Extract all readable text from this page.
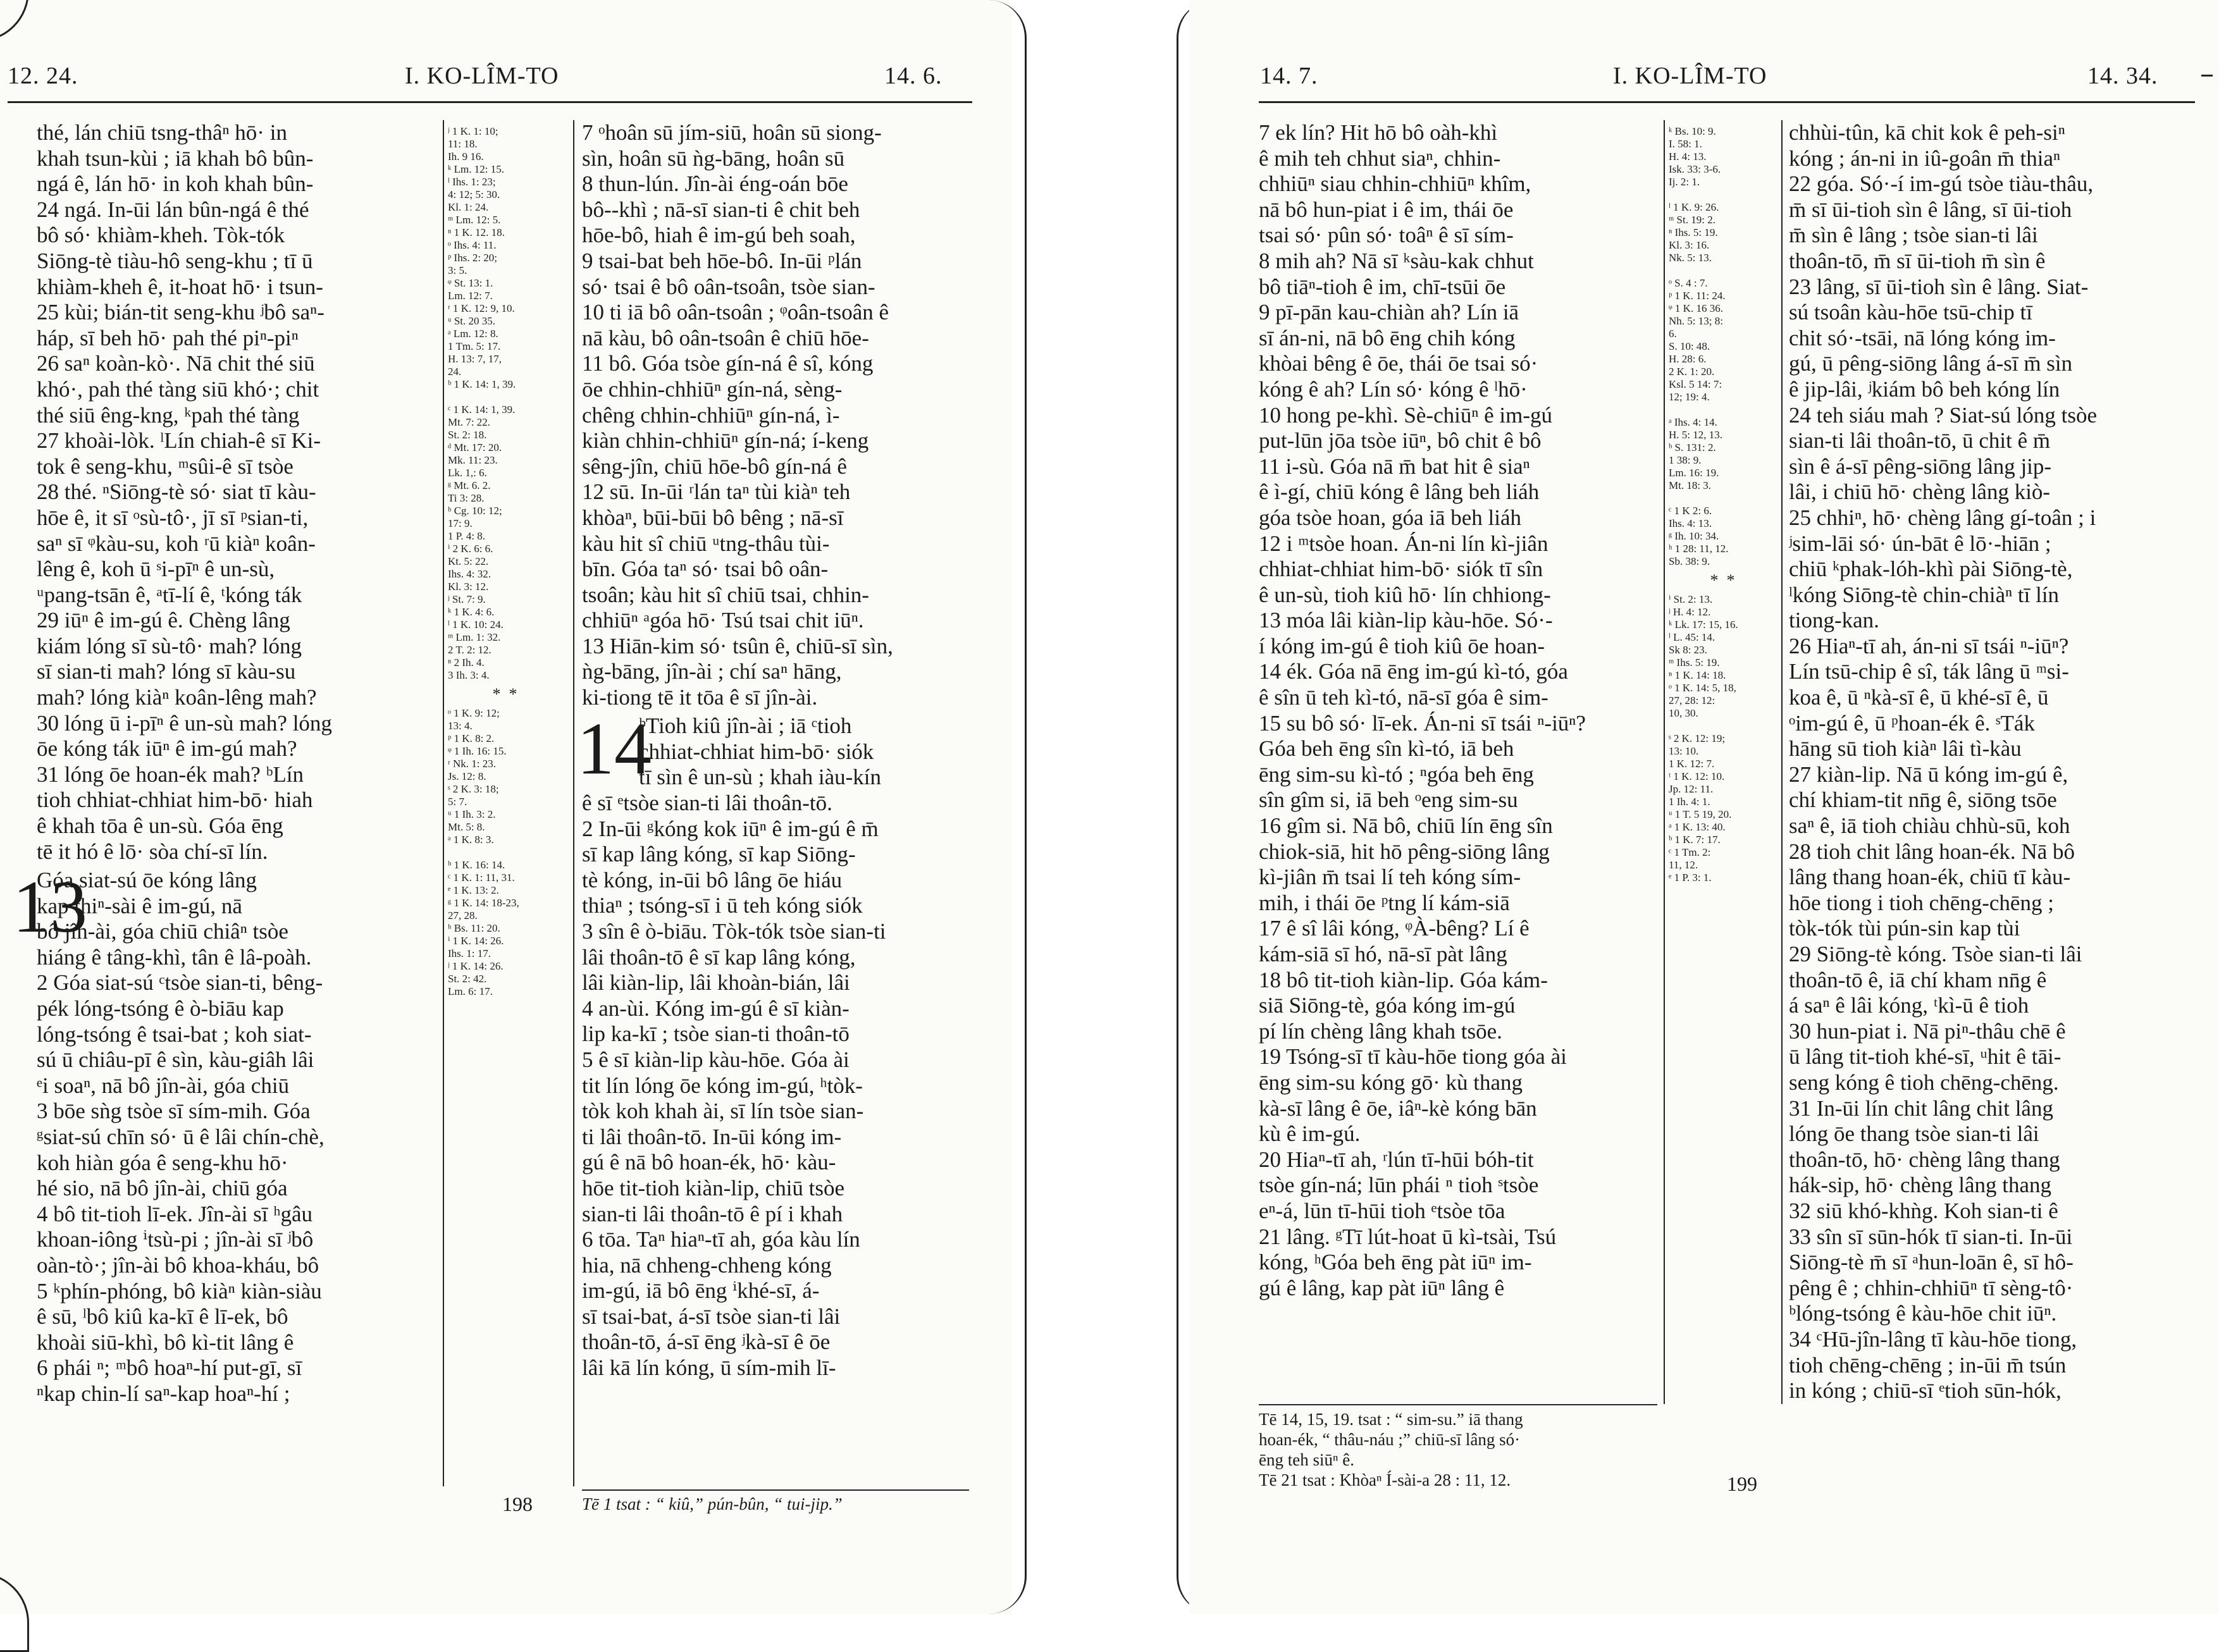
12. 24.	I. KO-LÎM-TO	14. 6.

thé, lán chiū tsng-thâⁿ hō· in

khah tsun-kùi ; iā khah bô bûn-

ngá ê, lán hō· in koh khah bûn-

24 ngá. In-ūi lán bûn-ngá ê thé

bô só· khiàm-kheh. Tòk-tók

Siōng-tè tiàu-hô seng-khu ; tī ū

khiàm-kheh ê, it-hoat hō· i tsun-

25 kùi; bián-tit seng-khu ʲbô saⁿ-

háp, sī beh hō· pah thé piⁿ-piⁿ

26 saⁿ koàn-kò·. Nā chit thé siū

khó·, pah thé tàng siū khó·; chit

thé siū êng-kng, ᵏpah thé tàng

27 khoài-lòk. ˡLín chiah-ê sī Ki-

tok ê seng-khu, ᵐsûi-ê sī tsòe

28 thé. ⁿSiōng-tè só· siat tī kàu-

hōe ê, it sī ᵒsù-tô·, jī sī ᵖsian-ti,

saⁿ sī ᵠkàu-su, koh ʳū kiàⁿ koân-

lêng ê, koh ū ˢi-pīⁿ ê un-sù,

ᵘpang-tsān ê, ᵃtī-lí ê, ᵗkóng ták

29 iūⁿ ê im-gú ê. Chèng lâng

kiám lóng sī sù-tô· mah? lóng

sī sian-ti mah? lóng sī kàu-su

mah? lóng kiàⁿ koân-lêng mah?

30 lóng ū i-pīⁿ ê un-sù mah? lóng

ōe kóng ták iūⁿ ê im-gú mah?

31 lóng ōe hoan-ék mah? ᵇLín

tioh chhiat-chhiat him-bō· hiah

ê khah tōa ê un-sù. Góa ēng

tē it hó ê lō· sòa chí-sī lín.

13

Góa siat-sú ōe kóng lâng

kap thiⁿ-sài ê im-gú, nā

bô jîn-ài, góa chiū chiâⁿ tsòe

hiáng ê tâng-khì, tân ê lâ-poàh.

2 Góa siat-sú ᶜtsòe sian-ti, bêng-

pék lóng-tsóng ê ò-biāu kap

lóng-tsóng ê tsai-bat ; koh siat-

sú ū chiâu-pī ê sìn, kàu-giâh lâi

ᵉi soaⁿ, nā bô jîn-ài, góa chiū

3 bōe sǹg tsòe sī sím-mih. Góa

ᵍsiat-sú chīn só· ū ê lâi chín-chè,

koh hiàn góa ê seng-khu hō·

hé sio, nā bô jîn-ài, chiū góa

4 bô tit-tioh lī-ek. Jîn-ài sī ʰgâu

khoan-iông ⁱtsù-pi ; jîn-ài sī ʲbô

oàn-tò·; jîn-ài bô khoa-kháu, bô

5 ᵏphín-phóng, bô kiàⁿ kiàn-siàu

ê sū, ˡbô kiû ka-kī ê lī-ek, bô

khoài siū-khì, bô kì-tit lâng ê

6 phái ⁿ; ᵐbô hoaⁿ-hí put-gī, sī

ⁿkap chin-lí saⁿ-kap hoaⁿ-hí ;

ʲ 1 K. 1: 10;

11: 18.

Ih. 9 16.

ᵏ Lm. 12: 15.

ˡ Ihs. 1: 23;

4: 12; 5: 30.

Kl. 1: 24.

ᵐ Lm. 12: 5.

ⁿ 1 K. 12. 18.

ᵒ Ihs. 4: 11.

ᵖ Ihs. 2: 20;

3: 5.

ᵠ St. 13: 1.

Lm. 12: 7.

ʳ 1 K. 12: 9, 10.

ᵘ St. 20 35.

ᵃ Lm. 12: 8.

1 Tm. 5: 17.

H. 13: 7, 17,

24.

ᵇ 1 K. 14: 1, 39.

ᶜ 1 K. 14: 1, 39.

Mt. 7: 22.

St. 2: 18.

ᵈ Mt. 17: 20.

Mk. 11: 23.

Lk. 1,: 6.

ᵍ Mt. 6. 2.

Ti 3: 28.

ʰ Cg. 10: 12;

17: 9.

1 P. 4: 8.

ⁱ 2 K. 6: 6.

Kt. 5: 22.

Ihs. 4: 32.

Kl. 3: 12.

ʲ St. 7: 9.

ᵏ 1 K. 4: 6.

ˡ 1 K. 10: 24.

ᵐ Lm. 1: 32.

2 T. 2: 12.

ⁿ 2 Ih. 4.

3 Ih. 3: 4.

*  *

ᵒ 1 K. 9: 12;

13: 4.

ᵖ 1 K. 8: 2.

ᵠ 1 Ih. 16: 15.

ʳ Nk. 1: 23.

Js. 12: 8.

ˢ 2 K. 3: 18;

5: 7.

ᵘ 1 Ih. 3: 2.

Mt. 5: 8.

ᵃ 1 K. 8: 3.

ᵇ 1 K. 16: 14.

ᶜ 1 K. 1: 11, 31.

ᵉ 1 K. 13: 2.

ᵍ 1 K. 14: 18-23,

27, 28.

ʰ Bs. 11: 20.

ⁱ 1 K. 14: 26.

Ihs. 1: 17.

ʲ 1 K. 14: 26.

St. 2: 42.

Lm. 6: 17.

7 ᵒhoân sū jím-siū, hoân sū siong-

sìn, hoân sū ǹg-bāng, hoân sū

8 thun-lún. Jîn-ài éng-oán bōe

bô--khì ; nā-sī sian-ti ê chit beh

hōe-bô, hiah ê im-gú beh soah,

9 tsai-bat beh hōe-bô. In-ūi ᵖlán

só· tsai ê bô oân-tsoân, tsòe sian-

10 ti iā bô oân-tsoân ; ᵠoân-tsoân ê

nā kàu, bô oân-tsoân ê chiū hōe-

11 bô. Góa tsòe gín-ná ê sî, kóng

ōe chhin-chhiūⁿ gín-ná, sèng-

chêng chhin-chhiūⁿ gín-ná, ì-

kiàn chhin-chhiūⁿ gín-ná; í-keng

sêng-jîn, chiū hōe-bô gín-ná ê

12 sū. In-ūi ʳlán taⁿ tùi kiàⁿ teh

khòaⁿ, būi-būi bô bêng ; nā-sī

kàu hit sî chiū ᵘtng-thâu tùi-

bīn. Góa taⁿ só· tsai bô oân-

tsoân; kàu hit sî chiū tsai, chhin-

chhiūⁿ ᵃgóa hō· Tsú tsai chit iūⁿ.

13 Hiān-kim só· tsûn ê, chiū-sī sìn,

ǹg-bāng, jîn-ài ; chí saⁿ hāng,

ki-tiong tē it tōa ê sī jîn-ài.

14

ᵇTioh kiû jîn-ài ; iā ᶜtioh

chhiat-chhiat him-bō· siók

tī sìn ê un-sù ; khah iàu-kín

ê sī ᵉtsòe sian-ti lâi thoân-tō.

2 In-ūi ᵍkóng kok iūⁿ ê im-gú ê m̄

sī kap lâng kóng, sī kap Siōng-

tè kóng, in-ūi bô lâng ōe hiáu

thiaⁿ ; tsóng-sī i ū teh kóng siók

3 sîn ê ò-biāu. Tòk-tók tsòe sian-ti

lâi thoân-tō ê sī kap lâng kóng,

lâi kiàn-lip, lâi khoàn-bián, lâi

4 an-ùi. Kóng im-gú ê sī kiàn-

lip ka-kī ; tsòe sian-ti thoân-tō

5 ê sī kiàn-lip kàu-hōe. Góa ài

tit lín lóng ōe kóng im-gú, ʰtòk-

tòk koh khah ài, sī lín tsòe sian-

ti lâi thoân-tō. In-ūi kóng im-

gú ê nā bô hoan-ék, hō· kàu-

hōe tit-tioh kiàn-lip, chiū tsòe

sian-ti lâi thoân-tō ê pí i khah

6 tōa. Taⁿ hiaⁿ-tī ah, góa kàu lín

hia, nā chheng-chheng kóng

im-gú, iā bô ēng ⁱkhé-sī, á-

sī tsai-bat, á-sī tsòe sian-ti lâi

thoân-tō, á-sī ēng ʲkà-sī ê ōe

lâi kā lín kóng, ū sím-mih lī-

Tē 1 tsat : “ kiû,” pún-bûn, “ tui-jip.”

198
14. 7.	I. KO-LÎM-TO	14. 34.

7 ek lín? Hit hō bô oàh-khì

ê mih teh chhut siaⁿ, chhin-

chhiūⁿ siau chhin-chhiūⁿ khîm,

nā bô hun-piat i ê im, thái ōe

tsai só· pûn só· toâⁿ ê sī sím-

8 mih ah? Nā sī ᵏsàu-kak chhut

bô tiāⁿ-tioh ê im, chī-tsūi ōe

9 pī-pān kau-chiàn ah? Lín iā

sī án-ni, nā bô ēng chih kóng

khòai bêng ê ōe, thái ōe tsai só·

kóng ê ah? Lín só· kóng ê ˡhō·

10 hong pe-khì. Sè-chiūⁿ ê im-gú

put-lūn jōa tsòe iūⁿ, bô chit ê bô

11 i-sù. Góa nā m̄ bat hit ê siaⁿ

ê ì-gí, chiū kóng ê lâng beh liáh

góa tsòe hoan, góa iā beh liáh

12 i ᵐtsòe hoan. Án-ni lín kì-jiân

chhiat-chhiat him-bō· siók tī sîn

ê un-sù, tioh kiû hō· lín chhiong-

13 móa lâi kiàn-lip kàu-hōe. Só·-

í kóng im-gú ê tioh kiû ōe hoan-

14 ék. Góa nā ēng im-gú kì-tó, góa

ê sîn ū teh kì-tó, nā-sī góa ê sim-

15 su bô só· lī-ek. Án-ni sī tsái ⁿ-iūⁿ?

Góa beh ēng sîn kì-tó, iā beh

ēng sim-su kì-tó ; ⁿgóa beh ēng

sîn gîm si, iā beh ᵒeng sim-su

16 gîm si. Nā bô, chiū lín ēng sîn

chiok-siā, hit hō pêng-siōng lâng

kì-jiân m̄ tsai lí teh kóng sím-

mih, i thái ōe ᵖtng lí kám-siā

17 ê sî lâi kóng, ᵠÀ-bêng? Lí ê

kám-siā sī hó, nā-sī pàt lâng

18 bô tit-tioh kiàn-lip. Góa kám-

siā Siōng-tè, góa kóng im-gú

pí lín chèng lâng khah tsōe.

19 Tsóng-sī tī kàu-hōe tiong góa ài

ēng sim-su kóng gō· kù thang

kà-sī lâng ê ōe, iâⁿ-kè kóng bān

kù ê im-gú.

20 Hiaⁿ-tī ah, ʳlún tī-hūi bóh-tit

tsòe gín-ná; lūn phái ⁿ tioh ˢtsòe

eⁿ-á, lūn tī-hūi tioh ᵉtsòe tōa

21 lâng. ᵍTī lút-hoat ū kì-tsài, Tsú

kóng, ʰGóa beh ēng pàt iūⁿ im-

gú ê lâng, kap pàt iūⁿ lâng ê

Tē 14, 15, 19. tsat : “ sim-su.” iā thang

hoan-ék, “ thâu-náu ;” chiū-sī lâng só·

ēng teh siūⁿ ê.

Tē 21 tsat : Khòaⁿ Í-sài-a 28 : 11, 12.

ᵏ Bs. 10: 9.

I. 58: 1.

H. 4: 13.

Isk. 33: 3-6.

Ij. 2: 1.

ˡ 1 K. 9: 26.

ᵐ St. 19: 2.

ⁿ Ihs. 5: 19.

Kl. 3: 16.

Nk. 5: 13.

ᵒ S. 4 : 7.

ᵖ 1 K. 11: 24.

ᵠ 1 K. 16 36.

Nh. 5: 13; 8:

6.

S. 10: 48.

H. 28: 6.

2 K. 1: 20.

Ksl. 5 14: 7:

12; 19: 4.

ᵃ Ihs. 4: 14.

H. 5: 12, 13.

ᵇ S. 131: 2.

1 38: 9.

Lm. 16: 19.

Mt. 18: 3.

ᶜ 1 K 2: 6.

Ihs. 4: 13.

ᵍ Ih. 10: 34.

ʰ 1 28: 11, 12.

Sb. 38: 9.

*  *

ⁱ St. 2: 13.

ʲ H. 4: 12.

ᵏ Lk. 17: 15, 16.

ˡ L. 45: 14.

Sk 8: 23.

ᵐ Ihs. 5: 19.

ⁿ 1 K. 14: 18.

ᵒ 1 K. 14: 5, 18,

27, 28: 12:

10, 30.

ˢ 2 K. 12: 19;

13: 10.

1 K. 12: 7.

ᵗ 1 K. 12: 10.

Jp. 12: 11.

1 Ih. 4: 1.

ᵘ 1 T. 5 19, 20.

ᵃ 1 K. 13: 40.

ᵇ 1 K. 7: 17.

ᶜ 1 Tm. 2:

11, 12.

ᵉ 1 P. 3: 1.

chhùi-tûn, kā chit kok ê peh-siⁿ

kóng ; án-ni in iû-goân m̄ thiaⁿ

22 góa. Só·-í im-gú tsòe tiàu-thâu,

m̄ sī ūi-tioh sìn ê lâng, sī ūi-tioh

m̄ sìn ê lâng ; tsòe sian-ti lâi

thoân-tō, m̄ sī ūi-tioh m̄ sìn ê

23 lâng, sī ūi-tioh sìn ê lâng. Siat-

sú tsoân kàu-hōe tsū-chip tī

chit só·-tsāi, nā lóng kóng im-

gú, ū pêng-siōng lâng á-sī m̄ sìn

ê jip-lâi, ʲkiám bô beh kóng lín

24 teh siáu mah ? Siat-sú lóng tsòe

sian-ti lâi thoân-tō, ū chit ê m̄

sìn ê á-sī pêng-siōng lâng jip-

lâi, i chiū hō· chèng lâng kiò-

25 chhiⁿ, hō· chèng lâng gí-toân ; i

ʲsim-lāi só· ún-bāt ê lō·-hiān ;

chiū ᵏphak-lóh-khì pài Siōng-tè,

ˡkóng Siōng-tè chin-chiàⁿ tī lín

tiong-kan.

26 Hiaⁿ-tī ah, án-ni sī tsái ⁿ-iūⁿ?

Lín tsū-chip ê sî, ták lâng ū ᵐsi-

koa ê, ū ⁿkà-sī ê, ū khé-sī ê, ū

ᵒim-gú ê, ū ᵖhoan-ék ê. ˢTák

hāng sū tioh kiàⁿ lâi tì-kàu

27 kiàn-lip. Nā ū kóng im-gú ê,

chí khiam-tit nn̄g ê, siōng tsōe

saⁿ ê, iā tioh chiàu chhù-sū, koh

28 tioh chit lâng hoan-ék. Nā bô

lâng thang hoan-ék, chiū tī kàu-

hōe tiong i tioh chēng-chēng ;

tòk-tók tùi pún-sin kap tùi

29 Siōng-tè kóng. Tsòe sian-ti lâi

thoân-tō ê, iā chí kham nn̄g ê

á saⁿ ê lâi kóng, ᵗkì-ū ê tioh

30 hun-piat i. Nā piⁿ-thâu chē ê

ū lâng tit-tioh khé-sī, ᵘhit ê tāi-

seng kóng ê tioh chēng-chēng.

31 In-ūi lín chit lâng chit lâng

lóng ōe thang tsòe sian-ti lâi

thoân-tō, hō· chèng lâng thang

hák-sip, hō· chèng lâng thang

32 siū khó-khǹg. Koh sian-ti ê

33 sîn sī sūn-hók tī sian-ti. In-ūi

Siōng-tè m̄ sī ᵃhun-loān ê, sī hô-

pêng ê ; chhin-chhiūⁿ tī sèng-tô·

ᵇlóng-tsóng ê kàu-hōe chit iūⁿ.

34 ᶜHū-jîn-lâng tī kàu-hōe tiong,

tioh chēng-chēng ; in-ūi m̄ tsún

in kóng ; chiū-sī ᵉtioh sūn-hók,

199
